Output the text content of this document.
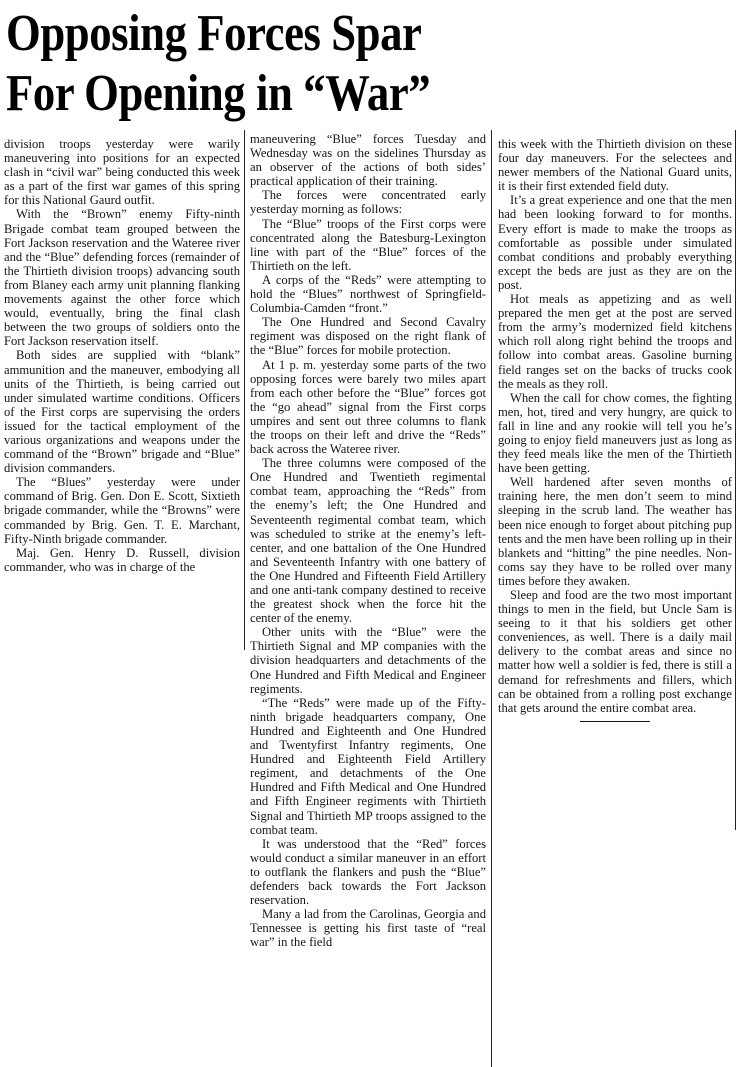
Opposing Forces Spar
For Opening in “War”

division troops yesterday were warily maneuvering into positions for an expected clash in “civil war” being conducted this week as a part of the first war games of this spring for this National Gaurd outfit.

With the “Brown” enemy Fifty-ninth Brigade combat team grouped between the Fort Jackson reservation and the Wateree river and the “Blue” defending forces (remainder of the Thirtieth division troops) advancing south from Blaney each army unit planning flanking movements against the other force which would, eventually, bring the final clash between the two groups of soldiers onto the Fort Jackson reservation itself.

Both sides are supplied with “blank” ammunition and the maneuver, embodying all units of the Thirtieth, is being carried out under simulated wartime conditions. Officers of the First corps are supervising the orders issued for the tactical employment of the various organizations and weapons under the command of the “Brown” brigade and “Blue” division commanders.

The “Blues” yesterday were under command of Brig. Gen. Don E. Scott, Sixtieth brigade commander, while the “Browns” were commanded by Brig. Gen. T. E. Marchant, Fifty-Ninth brigade commander.

Maj. Gen. Henry D. Russell, division commander, who was in charge of the

maneuvering “Blue” forces Tuesday and Wednesday was on the sidelines Thursday as an observer of the actions of both sides’ practical application of their training.

The forces were concentrated early yesterday morning as follows:

The “Blue” troops of the First corps were concentrated along the Batesburg-Lexington line with part of the “Blue” forces of the Thirtieth on the left.

A corps of the “Reds” were attempting to hold the “Blues” northwest of Springfield-Columbia-Camden “front.”

The One Hundred and Second Cavalry regiment was disposed on the right flank of the “Blue” forces for mobile protection.

At 1 p. m. yesterday some parts of the two opposing forces were barely two miles apart from each other before the “Blue” forces got the “go ahead” signal from the First corps umpires and sent out three columns to flank the troops on their left and drive the “Reds” back across the Wateree river.

The three columns were composed of the One Hundred and Twentieth regimental combat team, approaching the “Reds” from the enemy’s left; the One Hundred and Seventeenth regimental combat team, which was scheduled to strike at the enemy’s left-center, and one battalion of the One Hundred and Seventeenth Infantry with one battery of the One Hundred and Fifteenth Field Artillery and one anti-tank company destined to receive the greatest shock when the force hit the center of the enemy.

Other units with the “Blue” were the Thirtieth Signal and MP companies with the division headquarters and detachments of the One Hundred and Fifth Medical and Engineer regiments.

“The “Reds” were made up of the Fifty-ninth brigade headquarters company, One Hundred and Eighteenth and One Hundred and Twentyfirst Infantry regiments, One Hundred and Eighteenth Field Artillery regiment, and detachments of the One Hundred and Fifth Medical and One Hundred and Fifth Engineer regiments with Thirtieth Signal and Thirtieth MP troops assigned to the combat team.

It was understood that the “Red” forces would conduct a similar maneuver in an effort to outflank the flankers and push the “Blue” defenders back towards the Fort Jackson reservation.

Many a lad from the Carolinas, Georgia and Tennessee is getting his first taste of “real war” in the field

this week with the Thirtieth division on these four day maneuvers. For the selectees and newer members of the National Guard units, it is their first extended field duty.

It’s a great experience and one that the men had been looking forward to for months. Every effort is made to make the troops as comfortable as possible under simulated combat conditions and probably everything except the beds are just as they are on the post.

Hot meals as appetizing and as well prepared the men get at the post are served from the army’s modernized field kitchens which roll along right behind the troops and follow into combat areas. Gasoline burning field ranges set on the backs of trucks cook the meals as they roll.

When the call for chow comes, the fighting men, hot, tired and very hungry, are quick to fall in line and any rookie will tell you he’s going to enjoy field maneuvers just as long as they feed meals like the men of the Thirtieth have been getting.

Well hardened after seven months of training here, the men don’t seem to mind sleeping in the scrub land. The weather has been nice enough to forget about pitching pup tents and the men have been rolling up in their blankets and “hitting” the pine needles. Non-coms say they have to be rolled over many times before they awaken.

Sleep and food are the two most important things to men in the field, but Uncle Sam is seeing to it that his soldiers get other conveniences, as well. There is a daily mail delivery to the combat areas and since no matter how well a soldier is fed, there is still a demand for refreshments and fillers, which can be obtained from a rolling post exchange that gets around the entire combat area.
